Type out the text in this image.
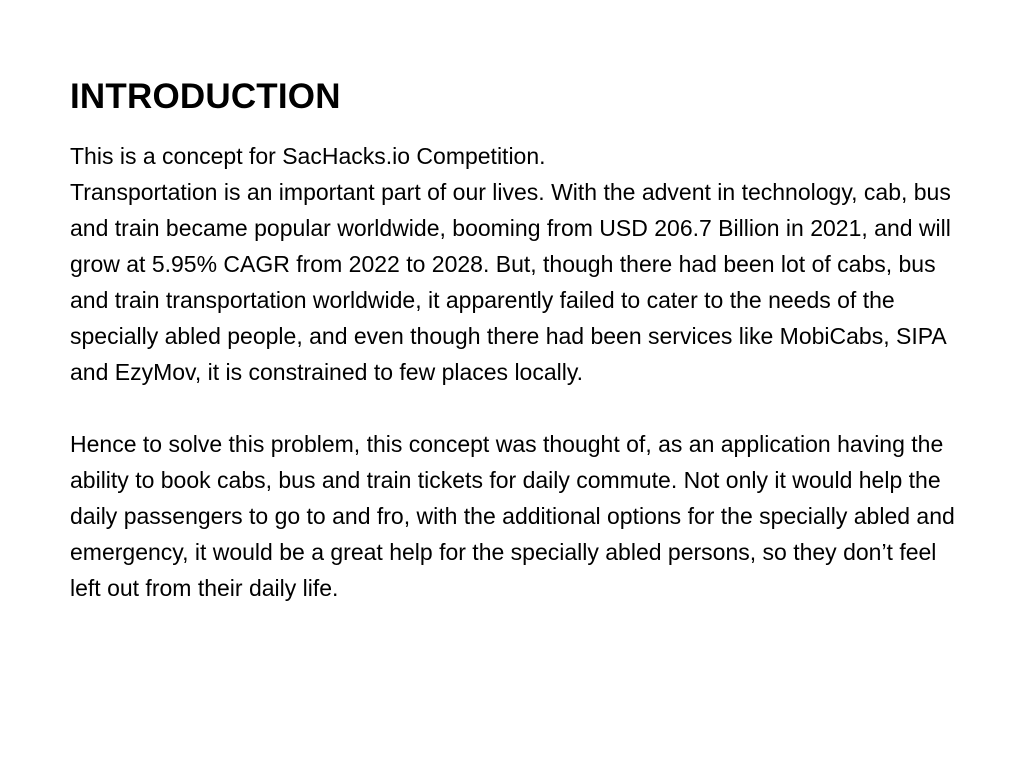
INTRODUCTION

This is a concept for SacHacks.io Competition.
Transportation is an important part of our lives. With the advent in technology, cab, bus and train became popular worldwide, booming from USD 206.7 Billion in 2021, and will grow at 5.95% CAGR from 2022 to 2028. But, though there had been lot of cabs, bus and train transportation worldwide, it apparently failed to cater to the needs of the specially abled people, and even though there had been services like MobiCabs, SIPA and EzyMov, it is constrained to few places locally.

Hence to solve this problem, this concept was thought of, as an application having the ability to book cabs, bus and train tickets for daily commute. Not only it would help the daily passengers to go to and fro, with the additional options for the specially abled and emergency, it would be a great help for the specially abled persons, so they don’t feel left out from their daily life.
